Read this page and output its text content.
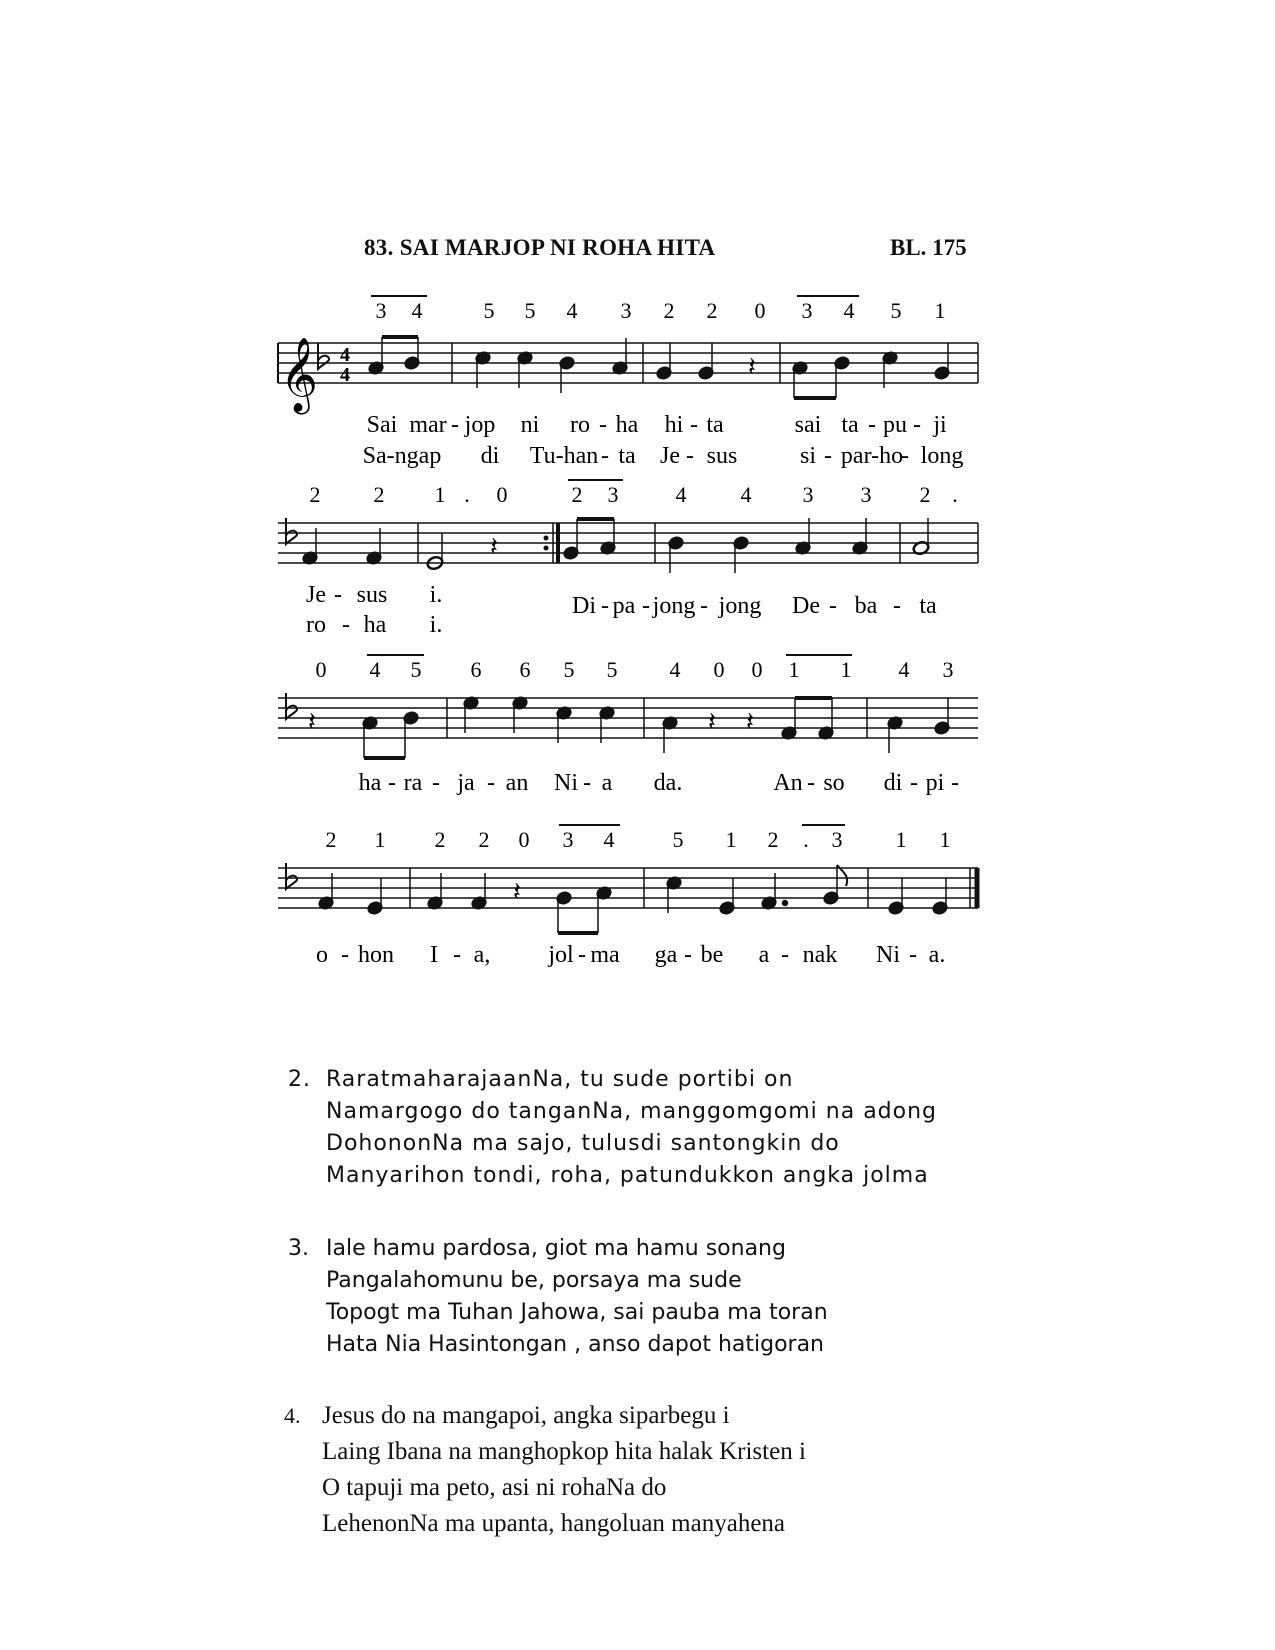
83. SAI MARJOP NI ROHA HITA	BL. 175
3 4	5 5 4 3 2 2 0 3 4 5 1
𝄞 4
4	𝄽
Sai mar - jop ni ro - ha hi - ta	sai ta - pu - ji
Sa-ngap di Tu-han - ta Je - sus	si - par-ho
- long
2 2 1 . 0	2 3	4 4 3 3 2 .
𝄽
Je - sus i.	Di - pa - jong - jong De - ba - ta
ro - ha i.
0 4 5 6 6 5 5 4 0 0 1 1 4 3
𝄽	𝄽 𝄽
ha - ra - ja - an Ni - a da.	An - so di - pi -
2 1 2 2 0 3 4	5 1 2 . 3 1 1
𝄽
o - hon I - a, jol - ma ga - be a - nak Ni - a.
2. RaratmaharajaanNa, tu sude portibi on
Namargogo do tanganNa, manggomgomi na adong
DohononNa ma sajo, tulusdi santongkin do
Manyarihon tondi, roha, patundukkon angka jolma
3. Iale hamu pardosa, giot ma hamu sonang
Pangalahomunu be, porsaya ma sude
Topogt ma Tuhan Jahowa, sai pauba ma toran
Hata Nia Hasintongan , anso dapot hatigoran
4. Jesus do na mangapoi, angka siparbegu i
Laing Ibana na manghopkop hita halak Kristen i
O tapuji ma peto, asi ni rohaNa do
LehenonNa ma upanta, hangoluan manyahena
